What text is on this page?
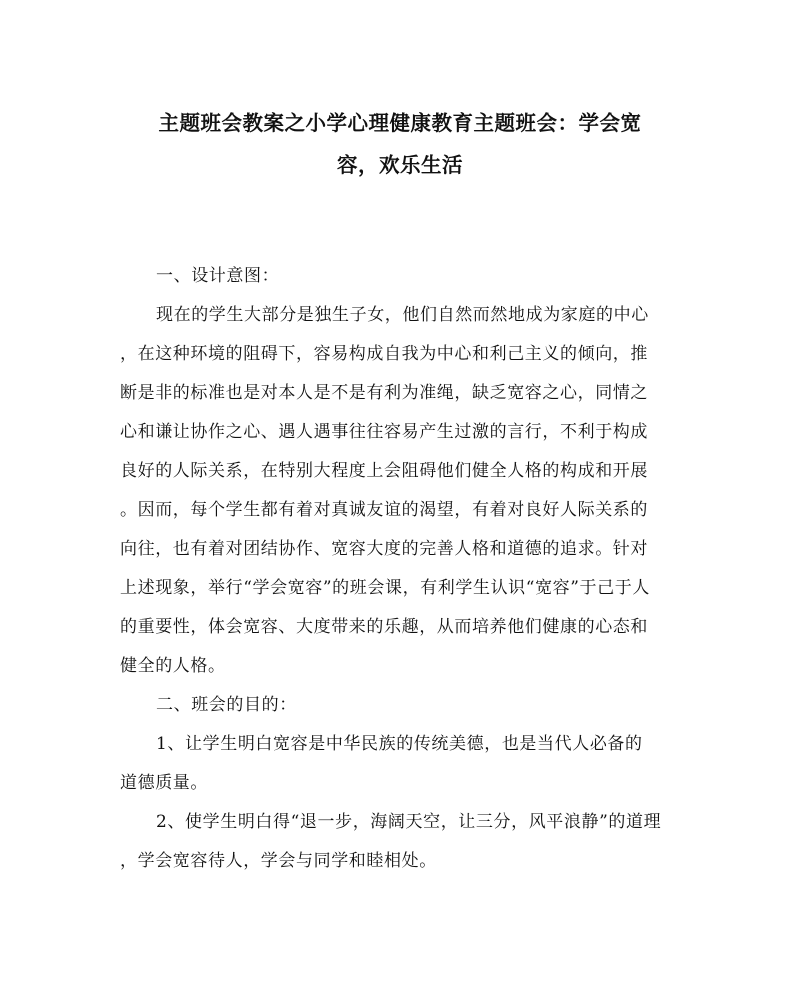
主题班会教案之小学心理健康教育主题班会：学会宽
容，欢乐生活

一、设计意图：

现在的学生大部分是独生子女，他们自然而然地成为家庭的中心

，在这种环境的阻碍下，容易构成自我为中心和利己主义的倾向，推

断是非的标准也是对本人是不是有利为准绳，缺乏宽容之心，同情之

心和谦让协作之心、遇人遇事往往容易产生过激的言行，不利于构成

良好的人际关系，在特别大程度上会阻碍他们健全人格的构成和开展

。因而，每个学生都有着对真诚友谊的渴望，有着对良好人际关系的

向往，也有着对团结协作、宽容大度的完善人格和道德的追求。针对

上述现象，举行“学会宽容”的班会课，有利学生认识“宽容”于己于人

的重要性，体会宽容、大度带来的乐趣，从而培养他们健康的心态和

健全的人格。

二、班会的目的：

1、让学生明白宽容是中华民族的传统美德，也是当代人必备的

道德质量。

2、使学生明白得“退一步，海阔天空，让三分，风平浪静”的道理

，学会宽容待人，学会与同学和睦相处。
